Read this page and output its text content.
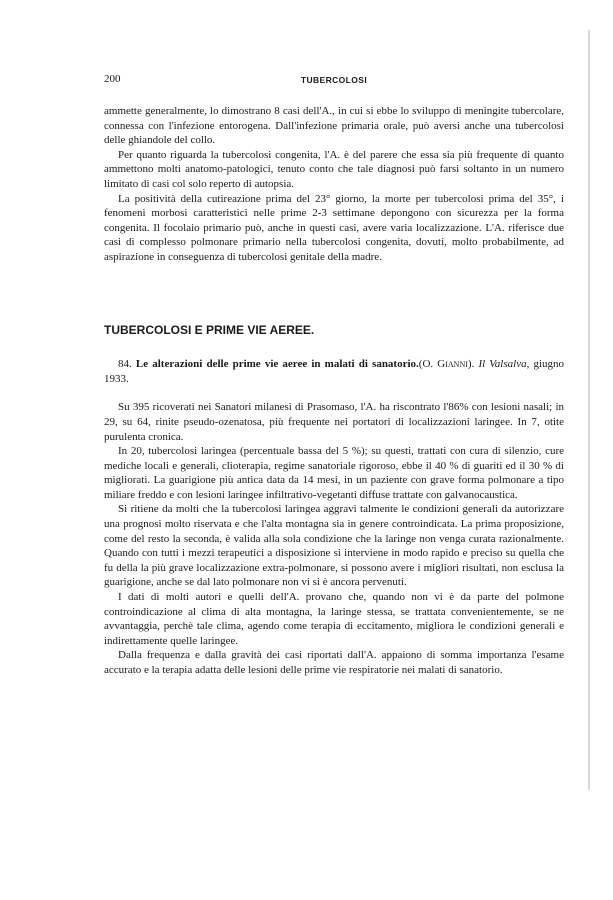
200	TUBERCOLOSI

ammette generalmente, lo dimostrano 8 casi dell'A., in cui si ebbe lo sviluppo di meningite tubercolare, connessa con l'infezione entorogena. Dall'infezione primaria orale, può aversi anche una tubercolosi delle ghiandole del collo.

Per quanto riguarda la tubercolosi congenita, l'A. è del parere che essa sia più frequente di quanto ammettono molti anatomo-patologici, tenuto conto che tale diagnosi può farsi soltanto in un numero limitato di casi col solo reperto di autopsia.

La positività della cutireazione prima del 23° giorno, la morte per tubercolosi prima del 35°, i fenomeni morbosi caratteristici nelle prime 2-3 settimane depongono con sicurezza per la forma congenita. Il focolaio primario può, anche in questi casi, avere varia localizzazione. L'A. riferisce due casi di complesso polmonare primario nella tubercolosi congenita, dovuti, molto probabilmente, ad aspirazione in conseguenza di tubercolosi genitale della madre.

TUBERCOLOSI E PRIME VIE AEREE.

84. Le alterazioni delle prime vie aeree in malati di sanatorio.(O. Gianni). Il Valsalva, giugno 1933.

Su 395 ricoverati nei Sanatori milanesi di Prasomaso, l'A. ha riscontrato l'86% con lesioni nasali; in 29, su 64, rinite pseudo-ozenatosa, più frequente nei portatori di localizzazioni laringee. In 7, otite purulenta cronica.

In 20, tubercolosi laringea (percentuale bassa del 5 %); su questi, trattati con cura di silenzio, cure mediche locali e generali, clioterapia, regime sanatoriale rigoroso, ebbe il 40 % di guariti ed il 30 % di migliorati. La guarigione più antica data da 14 mesi, in un paziente con grave forma polmonare a tipo miliare freddo e con lesioni laringee infiltrativo-vegetanti diffuse trattate con galvanocaustica.

Si ritiene da molti che la tubercolosi laringea aggravi talmente le condizioni generali da autorizzare una prognosi molto riservata e che l'alta montagna sia in genere controindicata. La prima proposizione, come del resto la seconda, è valida alla sola condizione che la laringe non venga curata razionalmente. Quando con tutti i mezzi terapeutici a disposizione si interviene in modo rapido e preciso su quella che fu della la più grave localizzazione extra-polmonare, si possono avere i migliori risultati, non esclusa la guarigione, anche se dal lato polmonare non vi si è ancora pervenuti.

I dati di molti autori e quelli dell'A. provano che, quando non vi è da parte del polmone controindicazione al clima di alta montagna, la laringe stessa, se trattata convenientemente, se ne avvantaggia, perchè tale clima, agendo come terapia di eccitamento, migliora le condizioni generali e indirettamente quelle laringee.

Dalla frequenza e dalla gravità dei casi riportati dall'A. appaiono di somma importanza l'esame accurato e la terapia adatta delle lesioni delle prime vie respiratorie nei malati di sanatorio.
